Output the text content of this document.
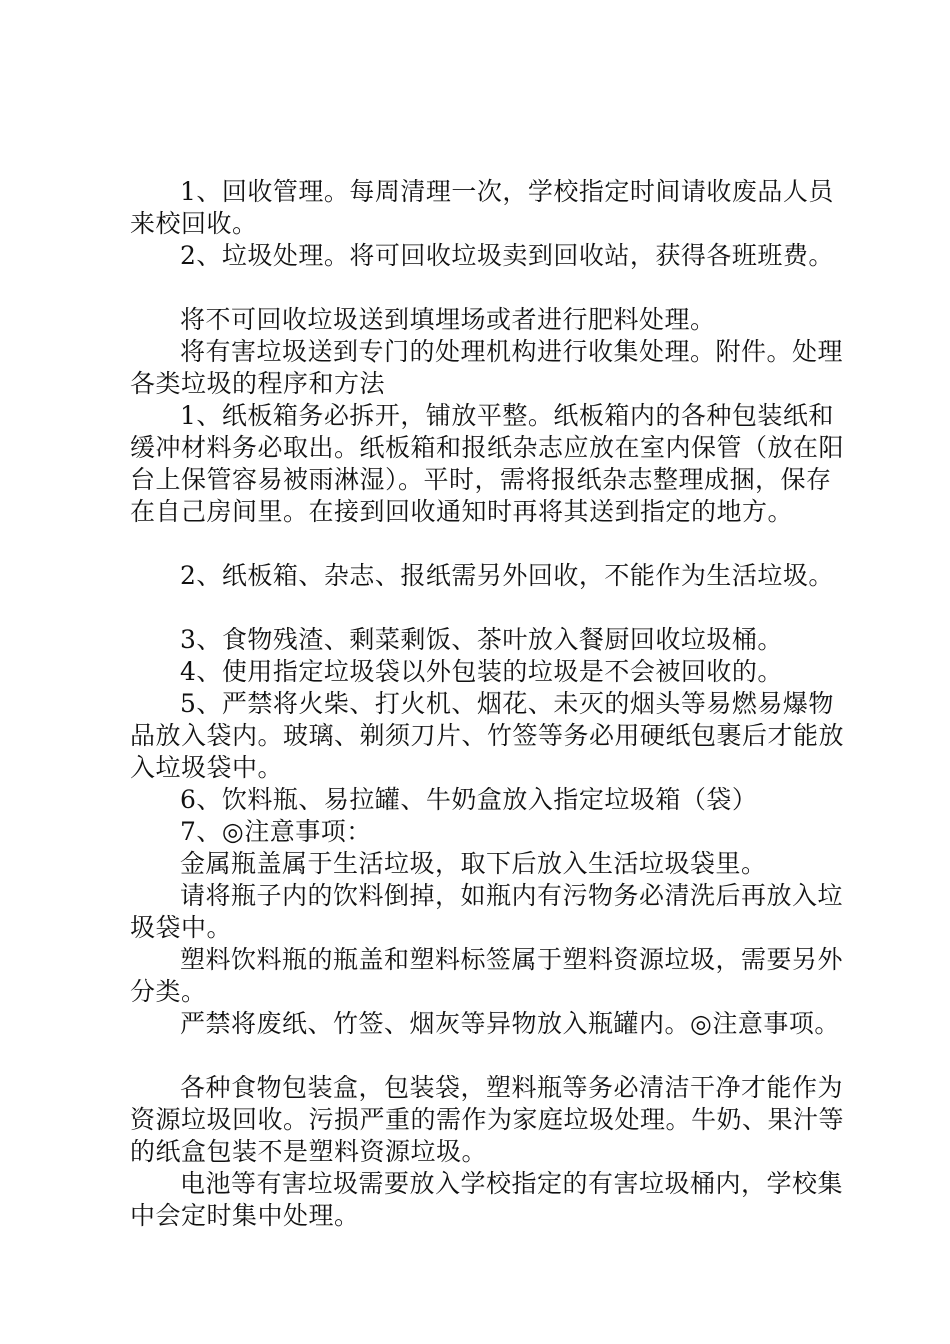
1、回收管理。每周清理一次，学校指定时间请收废品人员来校回收。

2、垃圾处理。将可回收垃圾卖到回收站，获得各班班费。

将不可回收垃圾送到填埋场或者进行肥料处理。

将有害垃圾送到专门的处理机构进行收集处理。附件。处理各类垃圾的程序和方法

1、纸板箱务必拆开，铺放平整。纸板箱内的各种包装纸和缓冲材料务必取出。纸板箱和报纸杂志应放在室内保管（放在阳台上保管容易被雨淋湿）。平时，需将报纸杂志整理成捆，保存在自己房间里。在接到回收通知时再将其送到指定的地方。

2、纸板箱、杂志、报纸需另外回收，不能作为生活垃圾。

3、食物残渣、剩菜剩饭、茶叶放入餐厨回收垃圾桶。

4、使用指定垃圾袋以外包装的垃圾是不会被回收的。

5、严禁将火柴、打火机、烟花、未灭的烟头等易燃易爆物品放入袋内。玻璃、剃须刀片、竹签等务必用硬纸包裹后才能放入垃圾袋中。

6、饮料瓶、易拉罐、牛奶盒放入指定垃圾箱（袋）

7、◎注意事项：

金属瓶盖属于生活垃圾，取下后放入生活垃圾袋里。

请将瓶子内的饮料倒掉，如瓶内有污物务必清洗后再放入垃圾袋中。

塑料饮料瓶的瓶盖和塑料标签属于塑料资源垃圾，需要另外分类。

严禁将废纸、竹签、烟灰等异物放入瓶罐内。◎注意事项。

各种食物包装盒，包装袋，塑料瓶等务必清洁干净才能作为资源垃圾回收。污损严重的需作为家庭垃圾处理。牛奶、果汁等的纸盒包装不是塑料资源垃圾。

电池等有害垃圾需要放入学校指定的有害垃圾桶内，学校集中会定时集中处理。
